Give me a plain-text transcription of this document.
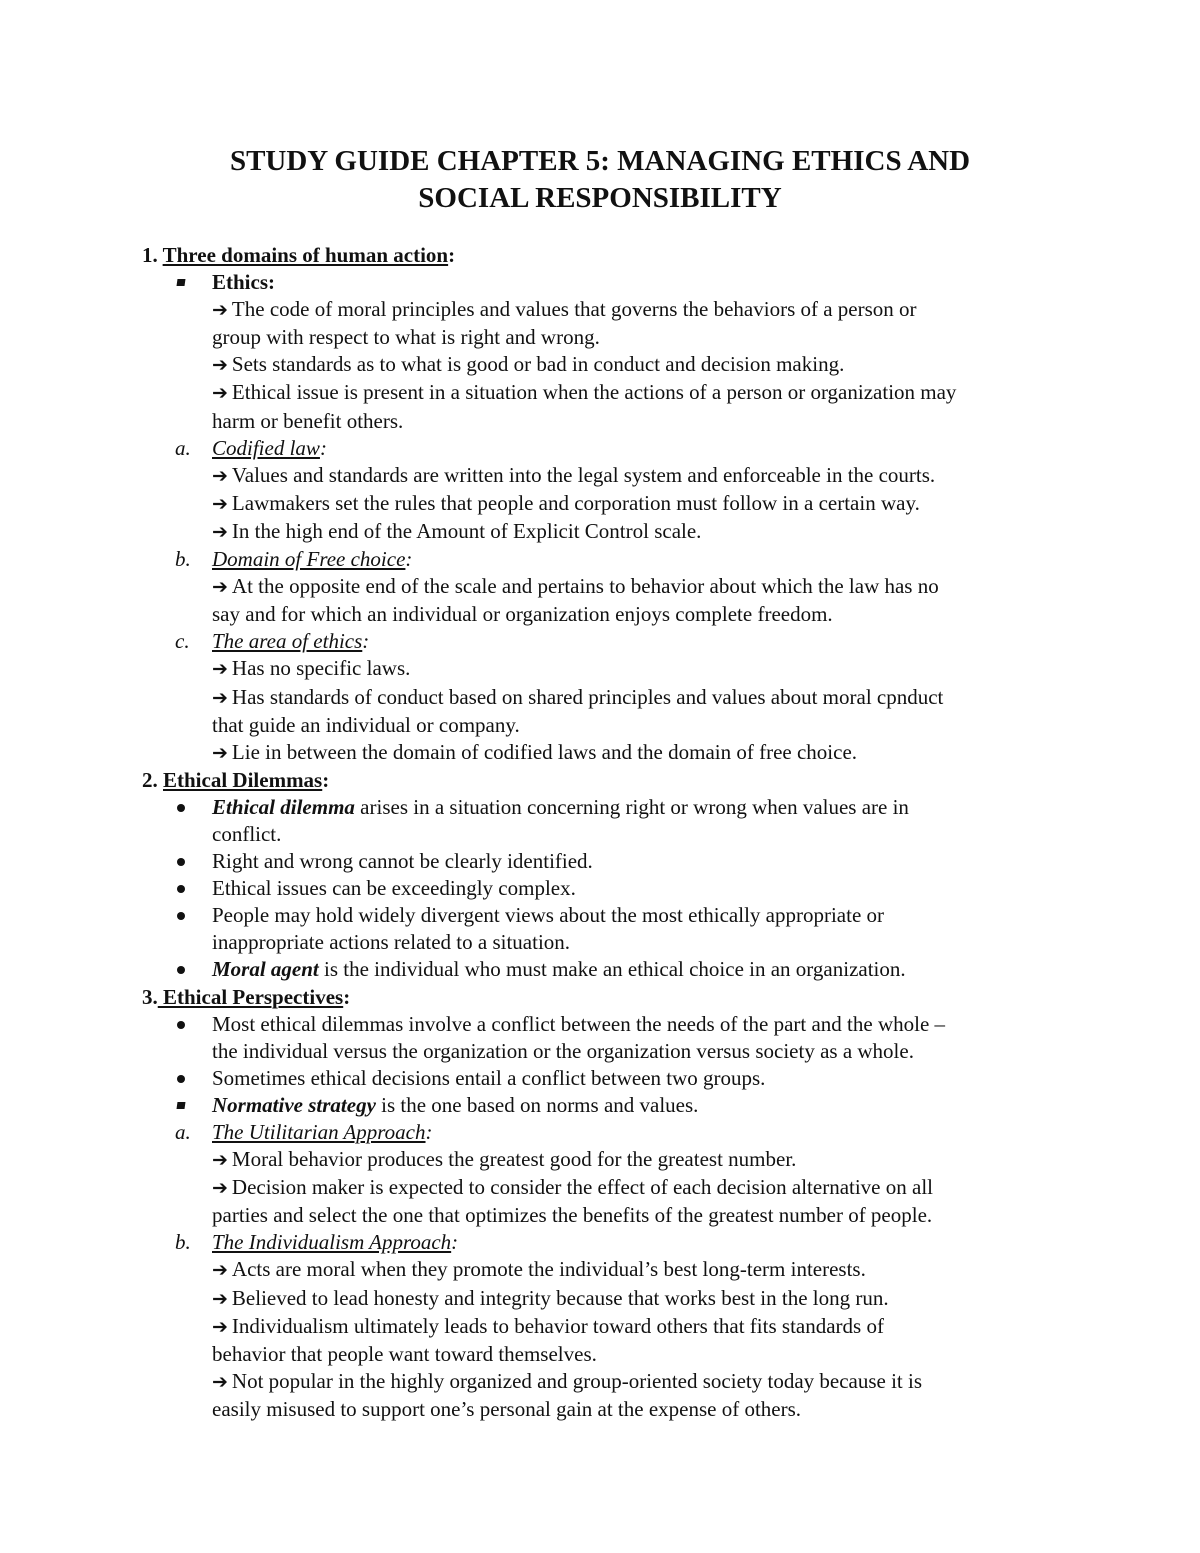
STUDY GUIDE CHAPTER 5: MANAGING ETHICS AND
SOCIAL RESPONSIBILITY
1. Three domains of human action:
Ethics:
➔ The code of moral principles and values that governs the behaviors of a person or
group with respect to what is right and wrong.
➔ Sets standards as to what is good or bad in conduct and decision making.
➔ Ethical issue is present in a situation when the actions of a person or organization may
harm or benefit others.
a.	Codified law:
➔ Values and standards are written into the legal system and enforceable in the courts.
➔ Lawmakers set the rules that people and corporation must follow in a certain way.
➔ In the high end of the Amount of Explicit Control scale.
b.	Domain of Free choice:
➔ At the opposite end of the scale and pertains to behavior about which the law has no
say and for which an individual or organization enjoys complete freedom.
c.	The area of ethics:
➔ Has no specific laws.
➔ Has standards of conduct based on shared principles and values about moral cpnduct
that guide an individual or company.
➔ Lie in between the domain of codified laws and the domain of free choice.
2. Ethical Dilemmas:
Ethical dilemma arises in a situation concerning right or wrong when values are in
conflict.
Right and wrong cannot be clearly identified.
Ethical issues can be exceedingly complex.
People may hold widely divergent views about the most ethically appropriate or
inappropriate actions related to a situation.
Moral agent is the individual who must make an ethical choice in an organization.
3. Ethical Perspectives:
Most ethical dilemmas involve a conflict between the needs of the part and the whole –
the individual versus the organization or the organization versus society as a whole.
Sometimes ethical decisions entail a conflict between two groups.
Normative strategy is the one based on norms and values.
a.	The Utilitarian Approach:
➔ Moral behavior produces the greatest good for the greatest number.
➔ Decision maker is expected to consider the effect of each decision alternative on all
parties and select the one that optimizes the benefits of the greatest number of people.
b.	The Individualism Approach:
➔ Acts are moral when they promote the individual’s best long-term interests.
➔ Believed to lead honesty and integrity because that works best in the long run.
➔ Individualism ultimately leads to behavior toward others that fits standards of
behavior that people want toward themselves.
➔ Not popular in the highly organized and group-oriented society today because it is
easily misused to support one’s personal gain at the expense of others.
